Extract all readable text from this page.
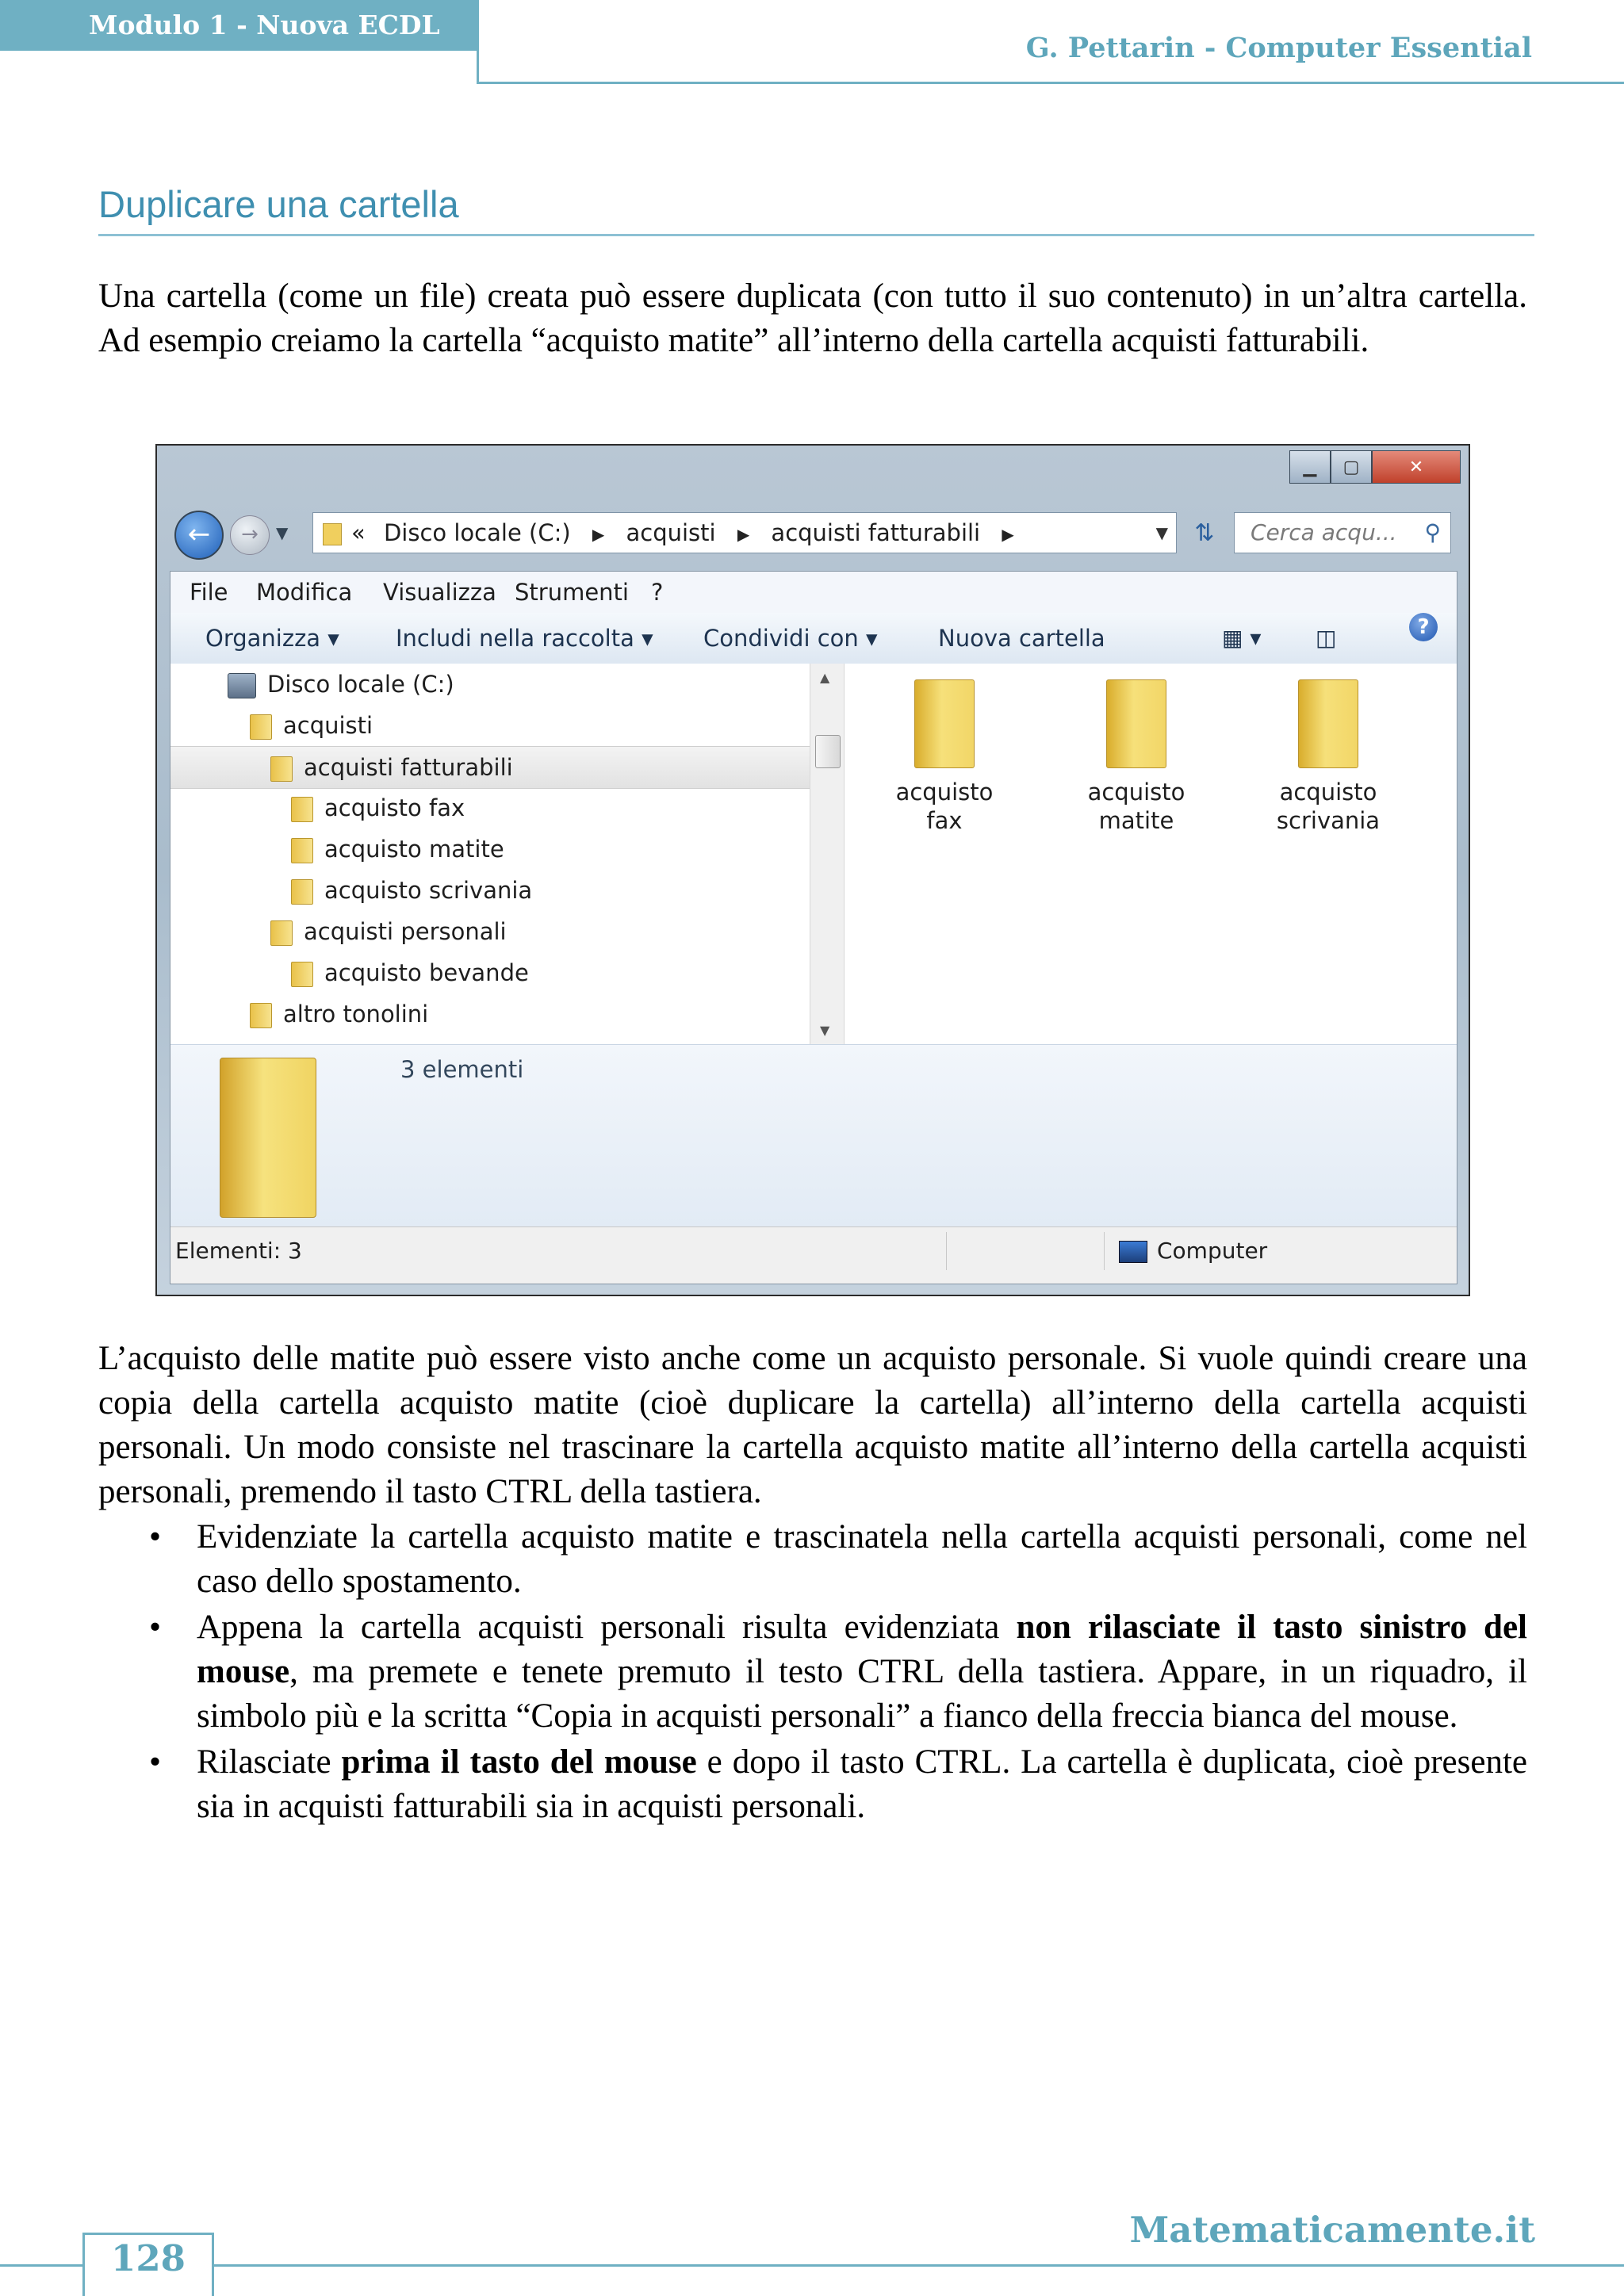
Modulo 1 - Nuova ECDL
G. Pettarin - Computer Essential
Duplicare una cartella

Una cartella (come un file) creata può essere duplicata (con tutto il suo contenuto) in un’altra cartella. Ad esempio creiamo la cartella “acquisto matite” all’interno della cartella acquisti fatturabili.

▁	▢	✕
←	→	▼	« Disco locale (C:) ▶ acquisti ▶ acquisti fatturabili ▶	▼	⇅	Cerca acqu... ⚲
File Modifica Visualizza Strumenti ?
Organizza ▾ Includi nella raccolta ▾ Condividi con ▾	Nuova cartella	▦ ▾ ◫	?
Disco locale (C:)
acquisti
acquisti fatturabili
acquisto fax
acquisto matite
acquisto scrivania
acquisti personali
acquisto bevande
altro tonolini
▲
▼
acquisto
fax
acquisto
matite
acquisto
scrivania
3 elementi
Elementi: 3	Computer

L’acquisto delle matite può essere visto anche come un acquisto personale. Si vuole quindi creare una copia della cartella acquisto matite (cioè duplicare la cartella) all’interno della cartella acquisti personali. Un modo consiste nel trascinare la cartella acquisto matite all’interno della cartella acquisti personali, premendo il tasto CTRL della tastiera.

• Evidenziate la cartella acquisto matite e trascinatela nella cartella acquisti personali, come nel caso dello spostamento.
• Appena la cartella acquisti personali risulta evidenziata non rilasciate il tasto sinistro del mouse, ma premete e tenete premuto il testo CTRL della tastiera. Appare, in un riquadro, il simbolo più e la scritta “Copia in acquisti personali” a fianco della freccia bianca del mouse.
• Rilasciate prima il tasto del mouse e dopo il tasto CTRL. La cartella è duplicata, cioè presente sia in acquisti fatturabili sia in acquisti personali.
Matematicamente.it
128
